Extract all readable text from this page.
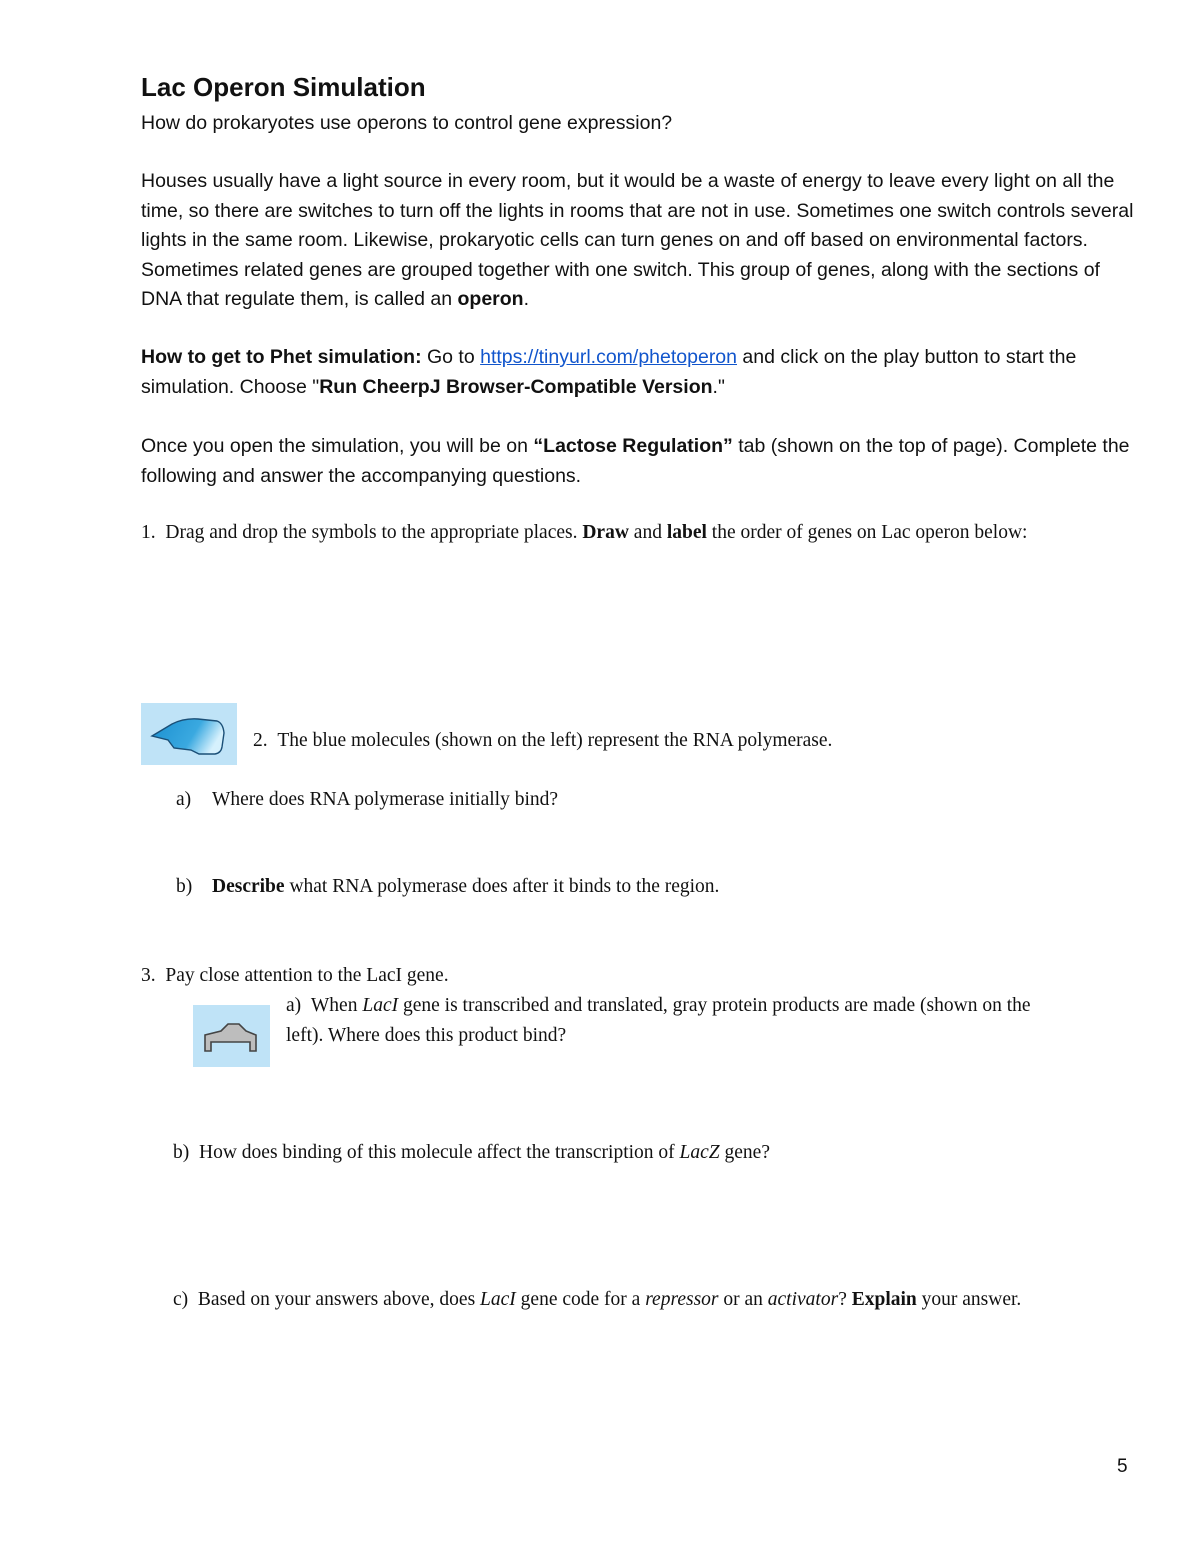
Lac Operon Simulation
How do prokaryotes use operons to control gene expression?
Houses usually have a light source in every room, but it would be a waste of energy to leave every light on all the time, so there are switches to turn off the lights in rooms that are not in use. Sometimes one switch controls several lights in the same room. Likewise, prokaryotic cells can turn genes on and off based on environmental factors. Sometimes related genes are grouped together with one switch. This group of genes, along with the sections of DNA that regulate them, is called an operon.
How to get to Phet simulation: Go to https://tinyurl.com/phetoperon and click on the play button to start the simulation. Choose "Run CheerpJ Browser-Compatible Version."
Once you open the simulation, you will be on “Lactose Regulation” tab (shown on the top of page). Complete the following and answer the accompanying questions.
1. Drag and drop the symbols to the appropriate places. Draw and label the order of genes on Lac operon below:
2. The blue molecules (shown on the left) represent the RNA polymerase.
a) Where does RNA polymerase initially bind?
b) Describe what RNA polymerase does after it binds to the region.
3. Pay close attention to the LacI gene.
a) When LacI gene is transcribed and translated, gray protein products are made (shown on the
left). Where does this product bind?
b) How does binding of this molecule affect the transcription of LacZ gene?
c) Based on your answers above, does LacI gene code for a repressor or an activator? Explain your answer.
5
